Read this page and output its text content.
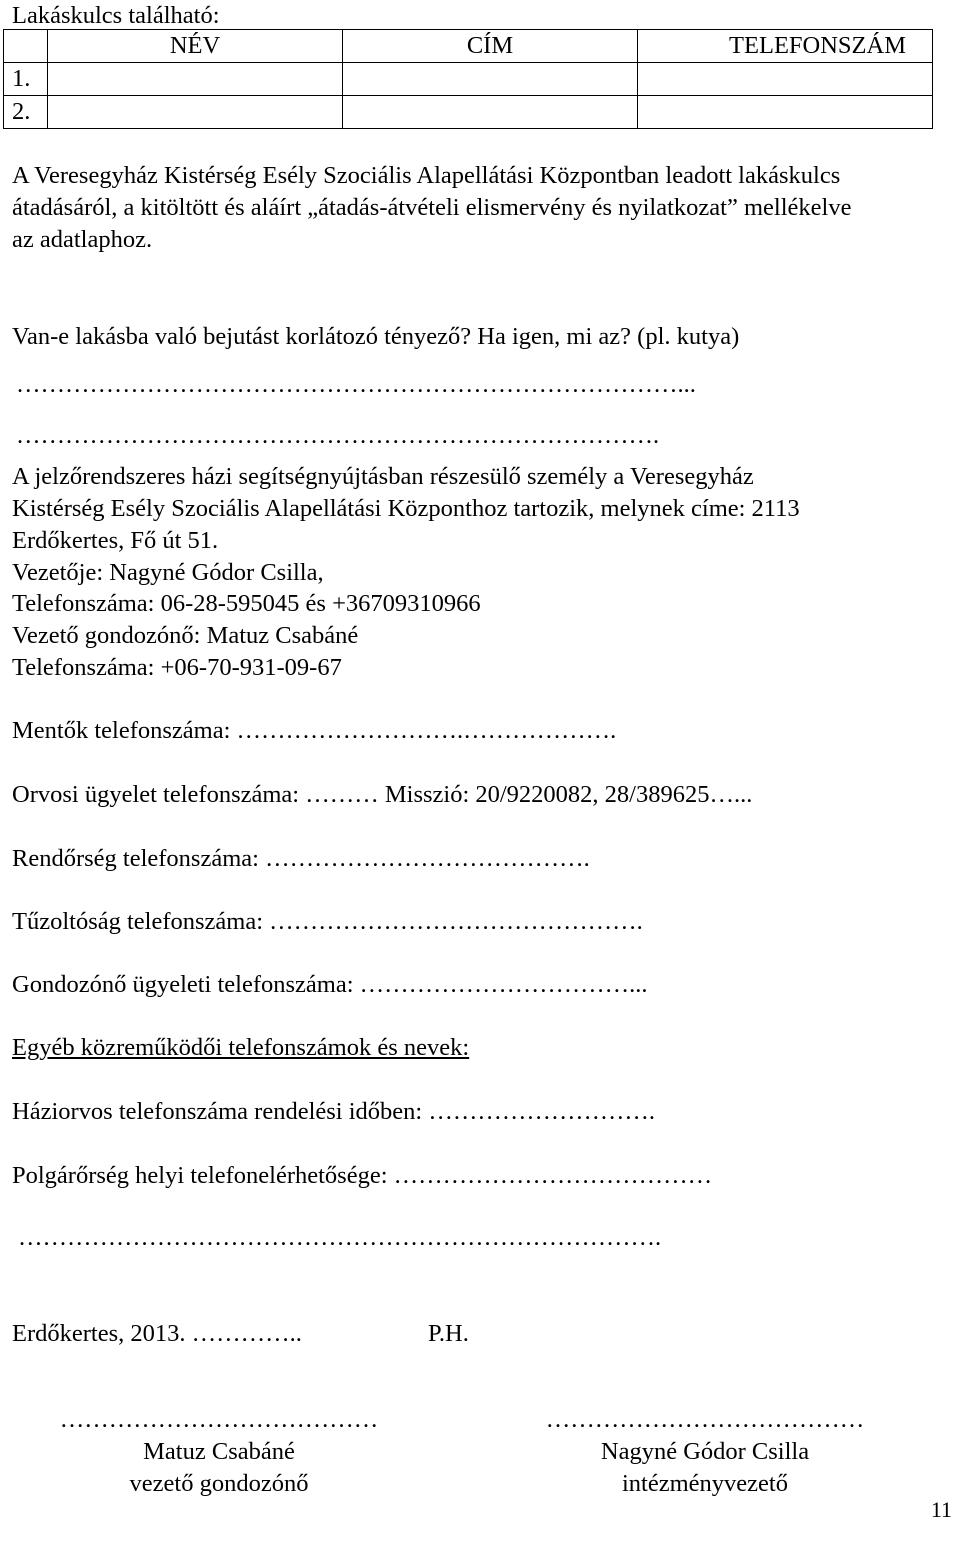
Lakáskulcs található:
	NÉV	CÍM	TELEFONSZÁM
1.			
2.			
A Veresegyház Kistérség Esély Szociális Alapellátási Központban leadott lakáskulcs
átadásáról, a kitöltött és aláírt „átadás-átvételi elismervény és nyilatkozat” mellékelve
az adatlaphoz.
Van-e lakásba való bejutást korlátozó tényező? Ha igen, mi az? (pl. kutya)
………………………………………………………………………...
…………………………………………………………………….
A jelzőrendszeres házi segítségnyújtásban részesülő személy a Veresegyház
Kistérség Esély Szociális Alapellátási Központhoz tartozik, melynek címe: 2113
Erdőkertes, Fő út 51.
Vezetője: Nagyné Gódor Csilla,
Telefonszáma: 06-28-595045 és +36709310966
Vezető gondozónő: Matuz Csabáné
Telefonszáma: +06-70-931-09-67
Mentők telefonszáma: ……………………….……………….
Orvosi ügyelet telefonszáma: ……… Misszió: 20/9220082, 28/389625…...
Rendőrség telefonszáma: ………………………………….
Tűzoltóság telefonszáma: ……………………………………….
Gondozónő ügyeleti telefonszáma: ……………………………...
Egyéb közreműködői telefonszámok és nevek:
Háziorvos telefonszáma rendelési időben: ……………………….
Polgárőrség helyi telefonelérhetősége: …………………………………
…………………………………………………………………….
Erdőkertes, 2013. …………..	P.H.
…………………………………
Matuz Csabáné
vezető gondozónő
…………………………………
Nagyné Gódor Csilla
intézményvezető
11
